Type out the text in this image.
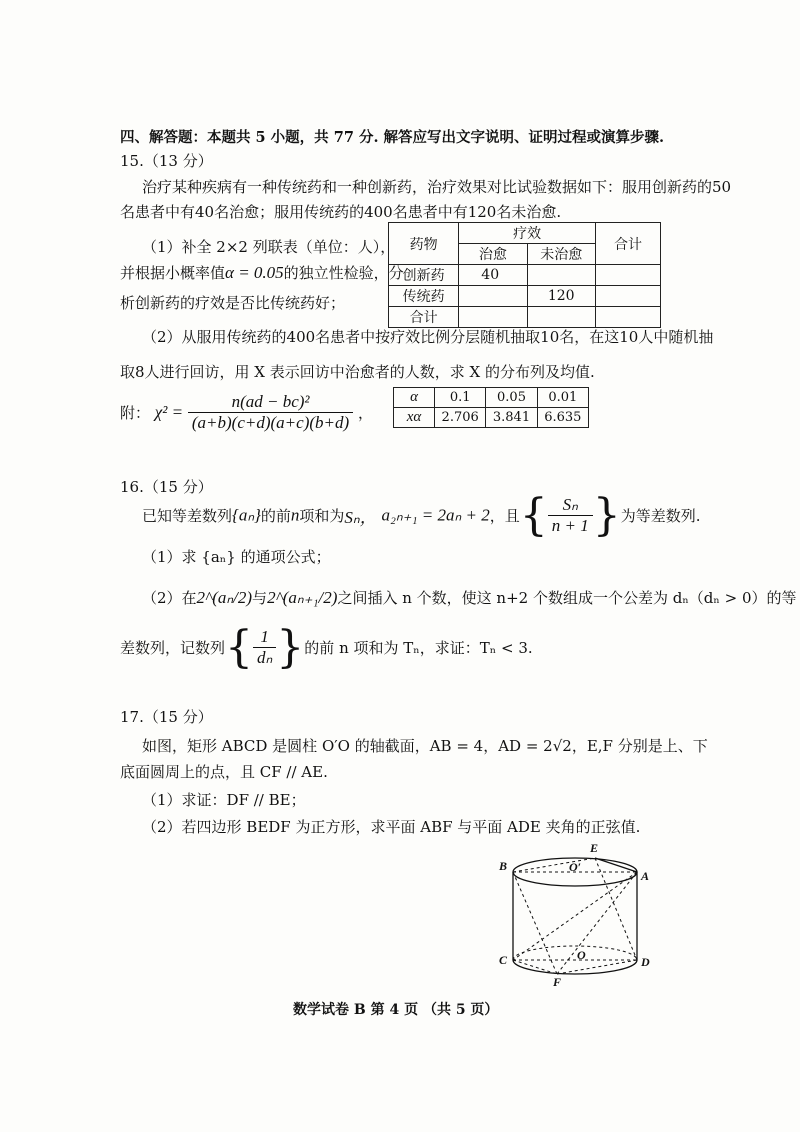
四、解答题：本题共 5 小题，共 77 分. 解答应写出文字说明、证明过程或演算步骤.
15.（13 分）
治疗某种疾病有一种传统药和一种创新药，治疗效果对比试验数据如下：服用创新药的50
名患者中有40名治愈；服用传统药的400名患者中有120名未治愈.
（1）补全 2×2 列联表（单位：人），
并根据小概率值α = 0.05的独立性检验，分
析创新药的疗效是否比传统药好；
药物	疗效		合计
	治愈	未治愈	
创新药	40		
传统药		120	
合计			
（2）从服用传统药的400名患者中按疗效比例分层随机抽取10名，在这10人中随机抽
取8人进行回访，用 X 表示回访中治愈者的人数，求 X 的分布列及均值.
附： $\chi^2 = \frac{\text{n(ad − bc)²}}{(a+b)(c+d)(a+c)(b+d)}$ ，
α	0.1	0.05	0.01
xα	2.706	3.841	6.635
16.（15 分）
已知等差数列{aₙ}的前n项和为Sₙ， a₂ₙ₊₁ = 2aₙ + 2，且{ $\frac{\text{Sₙ}}{n + 1}$ }为等差数列.
（1）求 {aₙ} 的通项公式；
（2）在2^(aₙ/2)与2^(aₙ₊₁/2)之间插入 n 个数，使这 n+2 个数组成一个公差为 dₙ（dₙ > 0）的等
差数列，记数列{ $\frac{1}{\text{dₙ}}$ }的前 n 项和为 Tₙ，求证：Tₙ < 3.
17.（15 分）
如图，矩形 ABCD 是圆柱 O′O 的轴截面，AB = 4，AD = 2√2，E,F 分别是上、下
底面圆周上的点，且 CF // AE.
（1）求证：DF // BE；
（2）若四边形 BEDF 为正方形，求平面 ABF 与平面 ADE 夹角的正弦值.
B
A
E
O′
C	D
O
F
数学试卷 B 第 4 页 （共 5 页）
